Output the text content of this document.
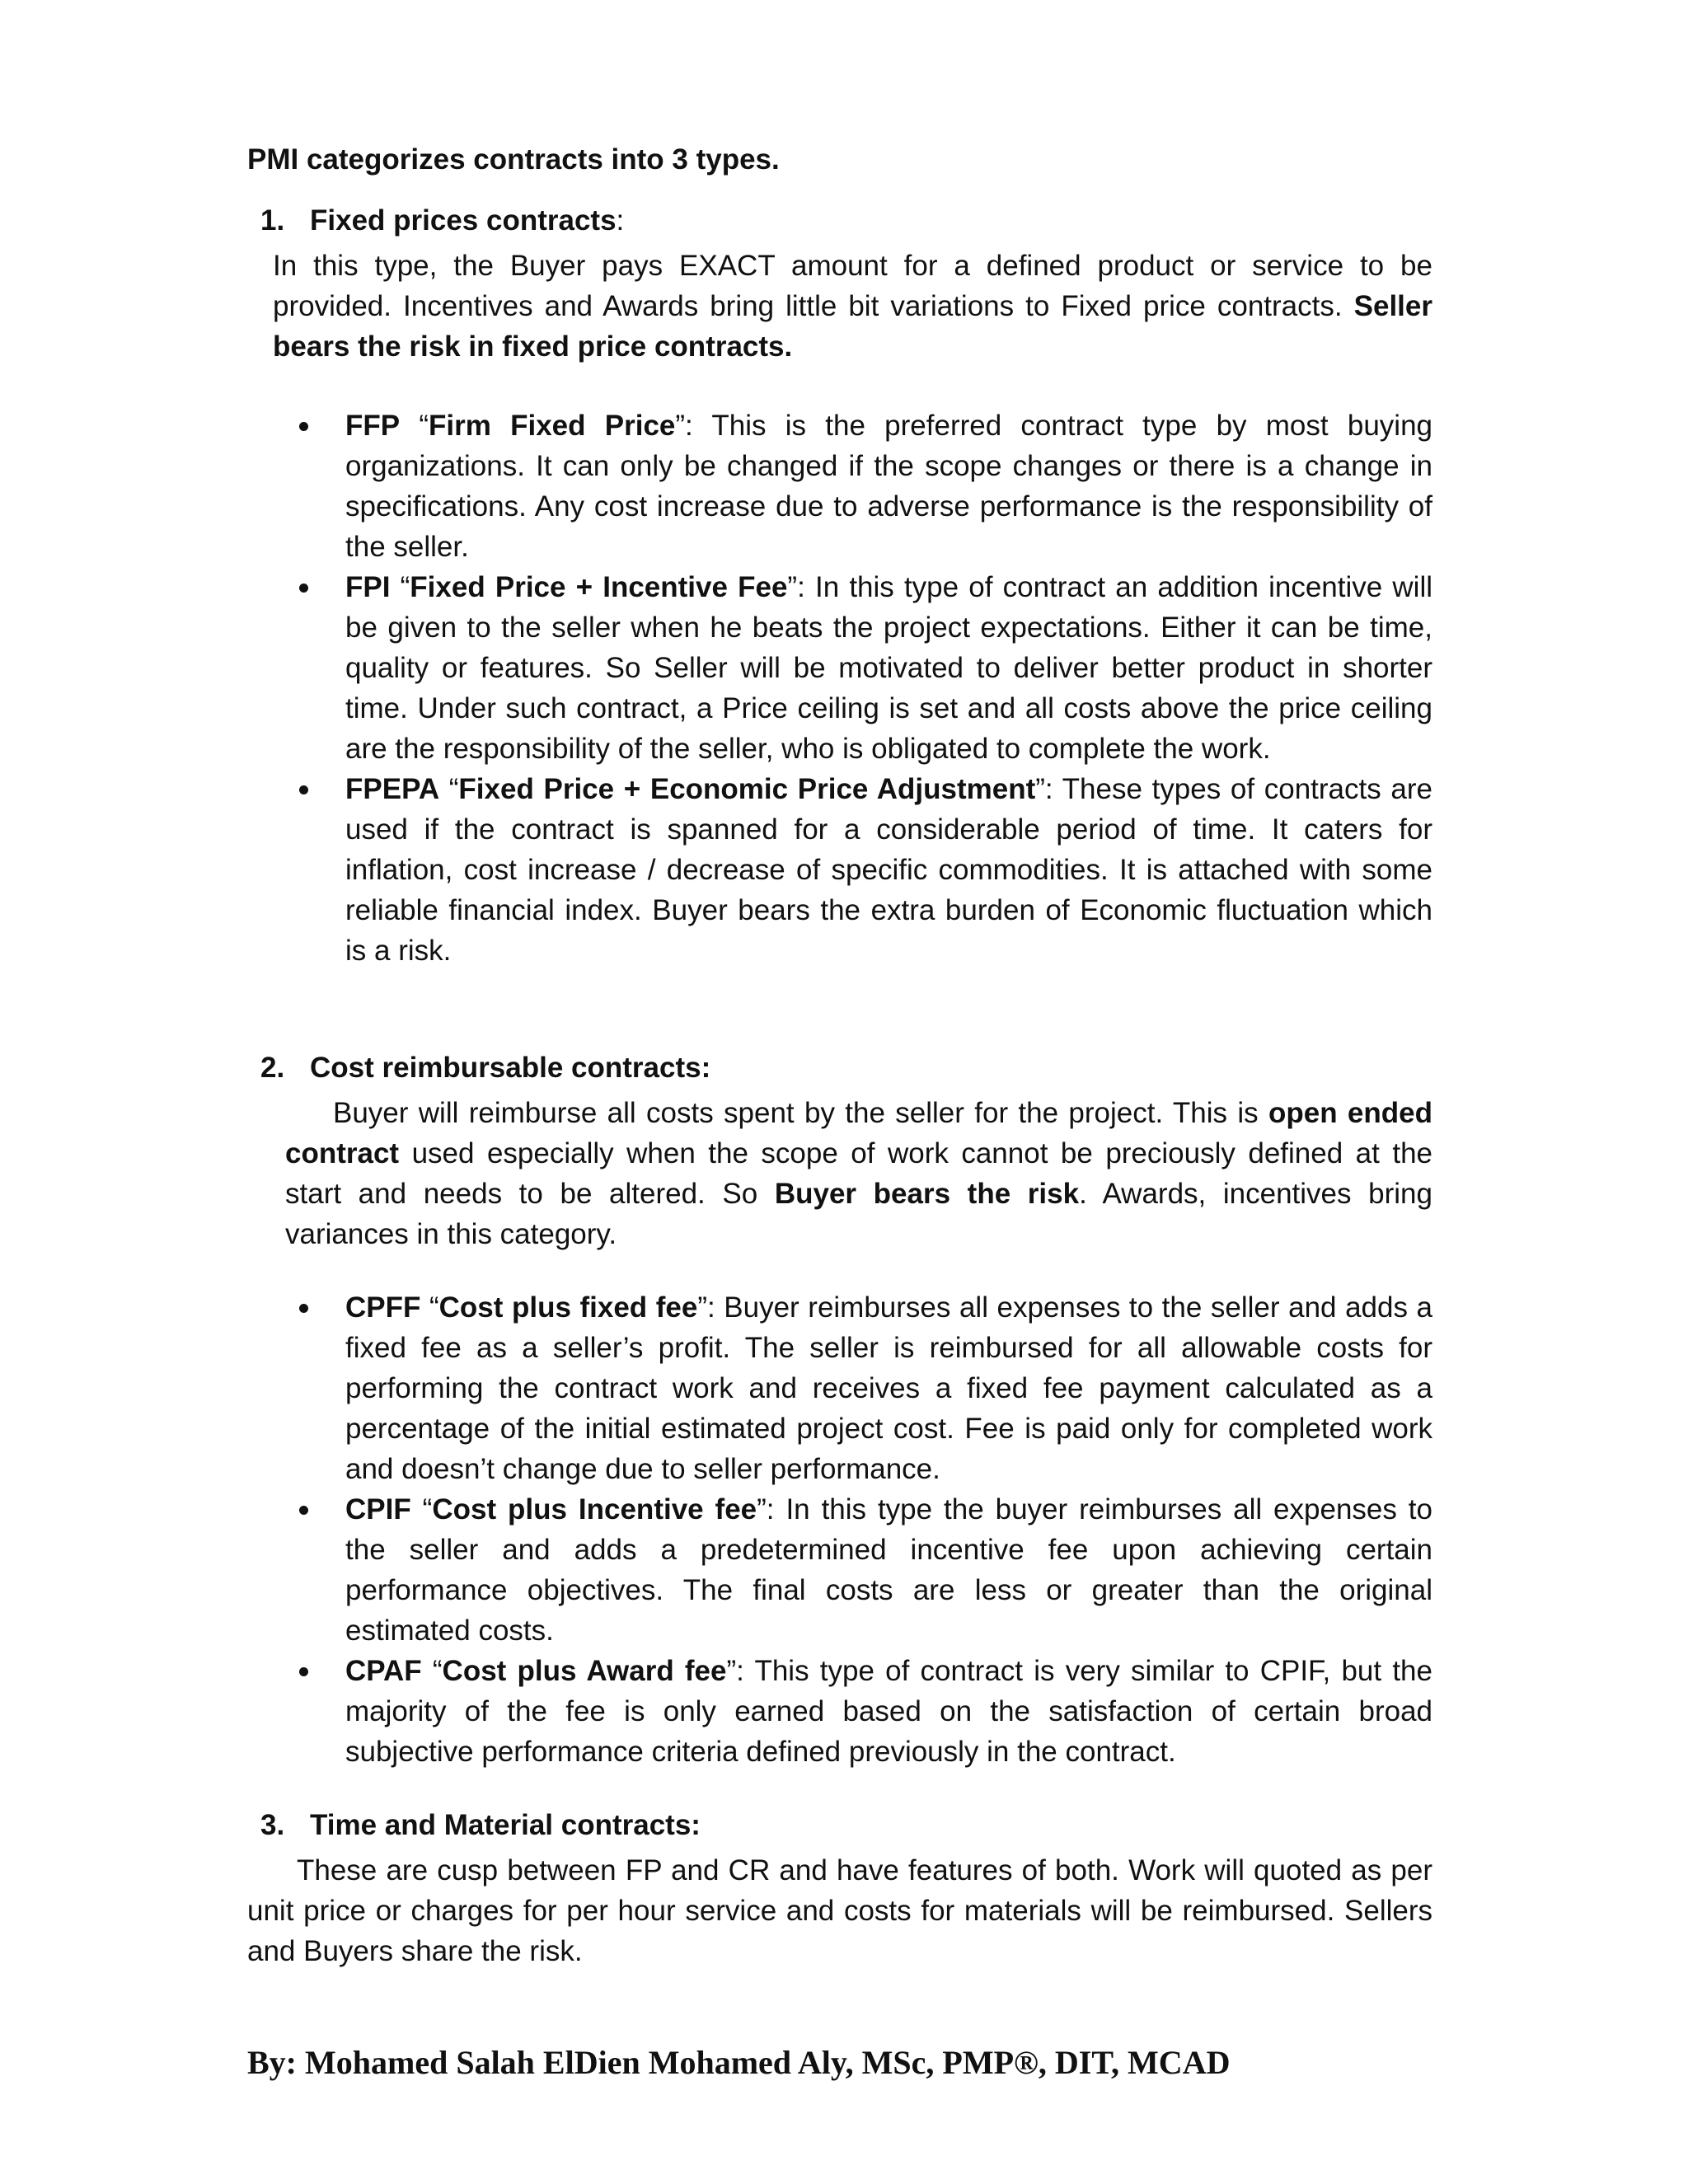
PMI categorizes contracts into 3 types.
1. Fixed prices contracts:
In this type, the Buyer pays EXACT amount for a defined product or service to be provided. Incentives and Awards bring little bit variations to Fixed price contracts. Seller bears the risk in fixed price contracts.
FFP “Firm Fixed Price”: This is the preferred contract type by most buying organizations. It can only be changed if the scope changes or there is a change in specifications. Any cost increase due to adverse performance is the responsibility of the seller.
FPI “Fixed Price + Incentive Fee”: In this type of contract an addition incentive will be given to the seller when he beats the project expectations. Either it can be time, quality or features. So Seller will be motivated to deliver better product in shorter time. Under such contract, a Price ceiling is set and all costs above the price ceiling are the responsibility of the seller, who is obligated to complete the work.
FPEPA “Fixed Price + Economic Price Adjustment”: These types of contracts are used if the contract is spanned for a considerable period of time. It caters for inflation, cost increase / decrease of specific commodities. It is attached with some reliable financial index. Buyer bears the extra burden of Economic fluctuation which is a risk.
2. Cost reimbursable contracts:
Buyer will reimburse all costs spent by the seller for the project. This is open ended contract used especially when the scope of work cannot be preciously defined at the start and needs to be altered. So Buyer bears the risk. Awards, incentives bring variances in this category.
CPFF “Cost plus fixed fee”: Buyer reimburses all expenses to the seller and adds a fixed fee as a seller’s profit. The seller is reimbursed for all allowable costs for performing the contract work and receives a fixed fee payment calculated as a percentage of the initial estimated project cost. Fee is paid only for completed work and doesn’t change due to seller performance.
CPIF “Cost plus Incentive fee”: In this type the buyer reimburses all expenses to the seller and adds a predetermined incentive fee upon achieving certain performance objectives. The final costs are less or greater than the original estimated costs.
CPAF “Cost plus Award fee”: This type of contract is very similar to CPIF, but the majority of the fee is only earned based on the satisfaction of certain broad subjective performance criteria defined previously in the contract.
3. Time and Material contracts:
These are cusp between FP and CR and have features of both. Work will quoted as per unit price or charges for per hour service and costs for materials will be reimbursed. Sellers and Buyers share the risk.
By: Mohamed Salah ElDien Mohamed Aly, MSc, PMP®, DIT, MCAD
